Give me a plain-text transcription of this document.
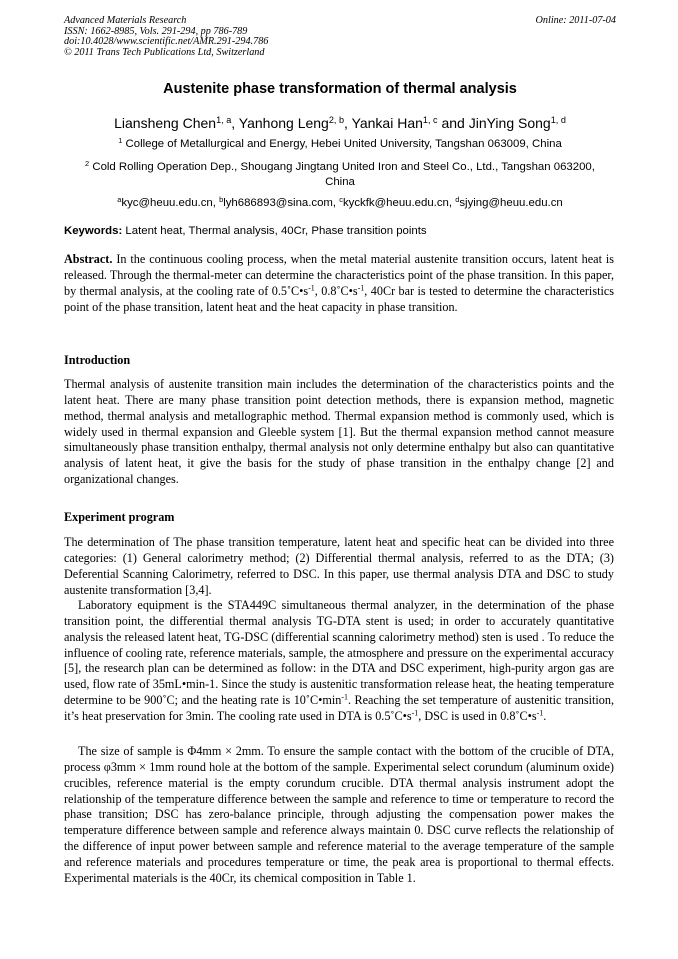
Advanced Materials Research
ISSN: 1662-8985, Vols. 291-294, pp 786-789
doi:10.4028/www.scientific.net/AMR.291-294.786
© 2011 Trans Tech Publications Ltd, Switzerland
Online: 2011-07-04
Austenite phase transformation of thermal analysis
Liansheng Chen$^{1, a}$, Yanhong Leng$^{2, b}$, Yankai Han$^{1, c}$ and JinYing Song$^{1, d}$
$^1$ College of Metallurgical and Energy, Hebei United University, Tangshan 063009, China
$^2$ Cold Rolling Operation Dep., Shougang Jingtang United Iron and Steel Co., Ltd., Tangshan 063200, China
$^a$kyc@heuu.edu.cn, $^b$lyh686893@sina.com, $^c$kyckfk@heuu.edu.cn, $^d$sjying@heuu.edu.cn
Keywords: Latent heat, Thermal analysis, 40Cr, Phase transition points
Abstract. In the continuous cooling process, when the metal material austenite transition occurs, latent heat is released. Through the thermal-meter can determine the characteristics point of the phase transition. In this paper, by thermal analysis, at the cooling rate of $0.5˚C•s^{-1}$, $0.8˚C•s^{-1}$, 40Cr bar is tested to determine the characteristics point of the phase transition, latent heat and the heat capacity in phase transition.
Introduction
Thermal analysis of austenite transition main includes the determination of the characteristics points and the latent heat. There are many phase transition point detection methods, there is expansion method, magnetic method, thermal analysis and metallographic method. Thermal expansion method is commonly used, which is widely used in thermal expansion and Gleeble system [1]. But the thermal expansion method cannot measure simultaneously phase transition enthalpy, thermal analysis not only determine enthalpy but also can quantitative analysis of latent heat, it give the basis for the study of phase transition in the enthalpy change [2] and organizational changes.
Experiment program
The determination of The phase transition temperature, latent heat and specific heat can be divided into three categories: (1) General calorimetry method; (2) Differential thermal analysis, referred to as the DTA; (3) Deferential Scanning Calorimetry, referred to DSC. In this paper, use thermal analysis DTA and DSC to study austenite transformation [3,4].
Laboratory equipment is the STA449C simultaneous thermal analyzer, in the determination of the phase transition point, the differential thermal analysis TG-DTA stent is used; in order to accurately quantitative analysis the released latent heat, TG-DSC (differential scanning calorimetry method) sten is used . To reduce the influence of cooling rate, reference materials, sample, the atmosphere and pressure on the experimental accuracy [5], the research plan can be determined as follow: in the DTA and DSC experiment, high-purity argon gas are used, flow rate of 35mL•min-1. Since the study is austenitic transformation release heat, the heating temperature determine to be 900˚C; and the heating rate is $10˚C•\min^{-1}$. Reaching the set temperature of austenitic transition, it’s heat preservation for 3min. The cooling rate used in DTA is $0.5˚C•s^{-1}$, DSC is used in $0.8˚C•s^{-1}$.
The size of sample is Φ4mm × 2mm. To ensure the sample contact with the bottom of the crucible of DTA, process φ3mm × 1mm round hole at the bottom of the sample. Experimental select corundum (aluminum oxide) crucibles, reference material is the empty corundum crucible. DTA thermal analysis instrument adopt the relationship of the temperature difference between the sample and reference to time or temperature to record the phase transition; DSC has zero-balance principle, through adjusting the compensation power makes the temperature difference between sample and reference always maintain 0. DSC curve reflects the relationship of the difference of input power between sample and reference material to the average temperature of the sample and reference materials and procedures temperature or time, the peak area is proportional to thermal effects. Experimental materials is the 40Cr, its chemical composition in Table 1.
